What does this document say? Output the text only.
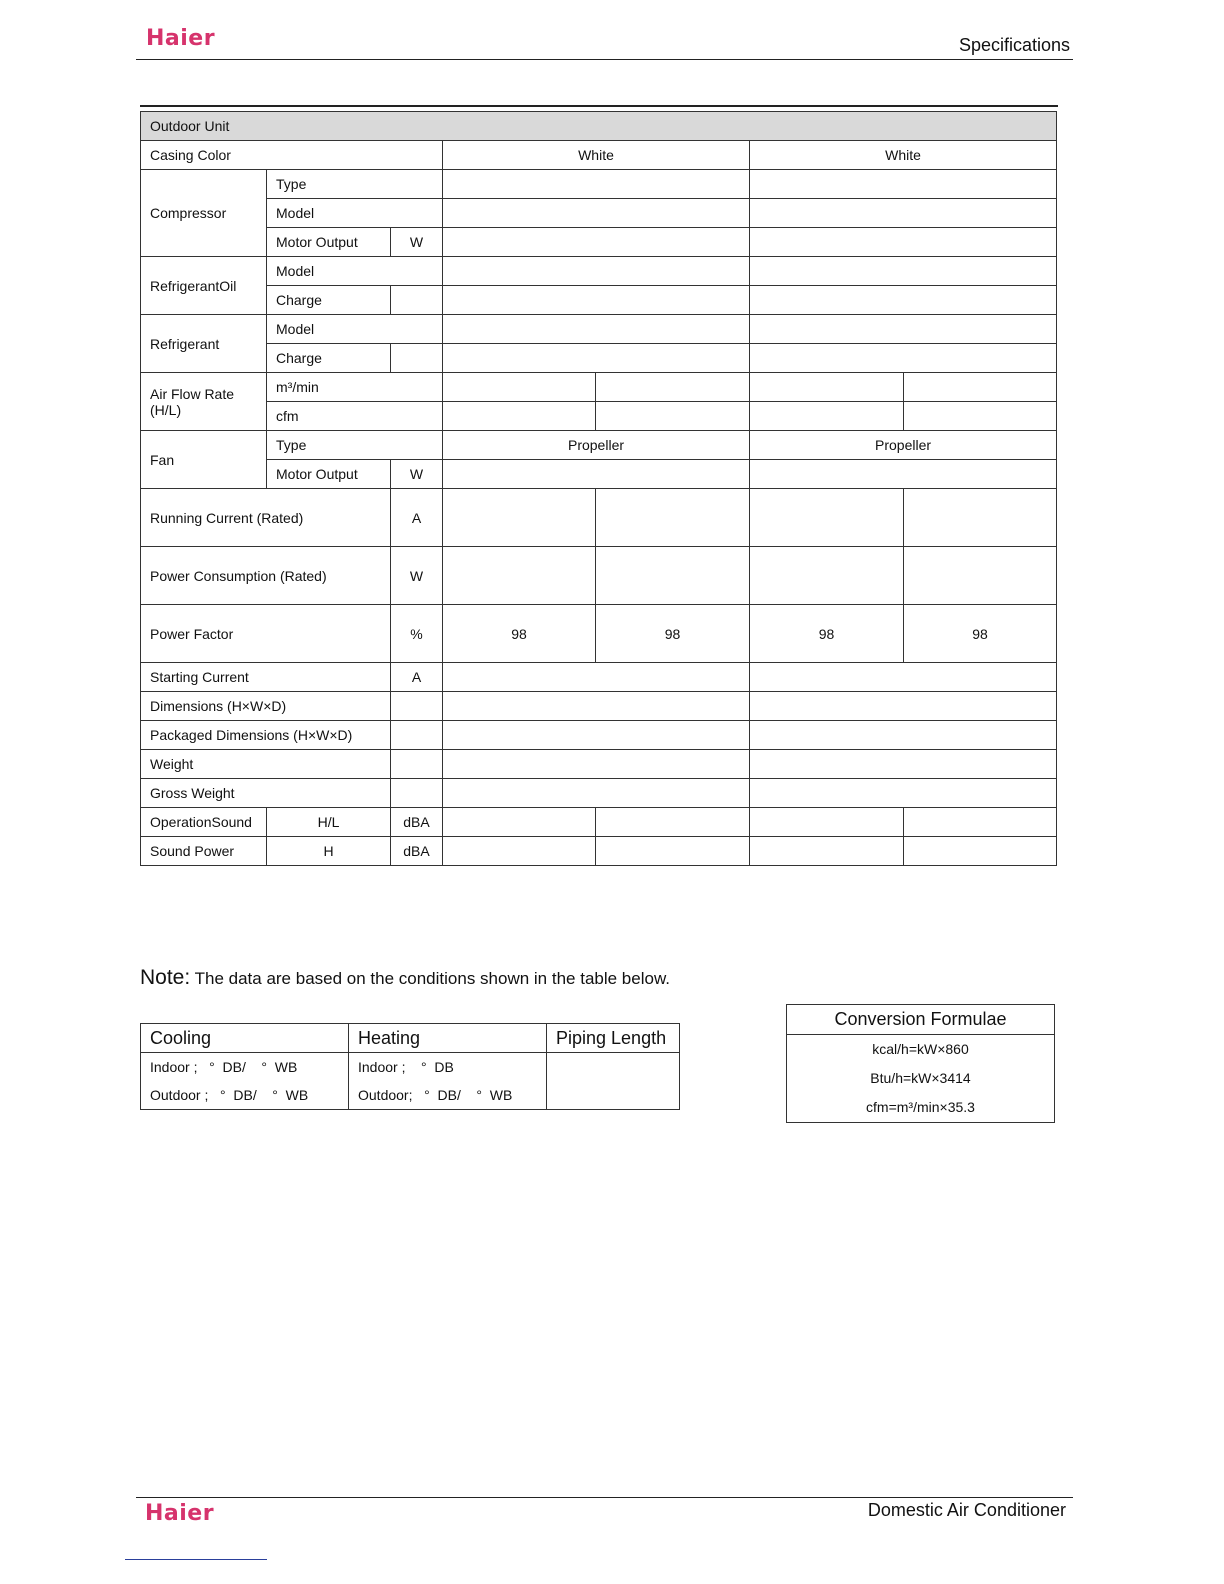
Haier	Specifications
Outdoor Unit						
Casing Color			White		White	
Compressor	Type					
	Model					
	Motor Output	W				
RefrigerantOil	Model					
	Charge					
Refrigerant	Model					
	Charge					
Air Flow Rate
(H/L)	m³/min					
	cfm					
Fan	Type		Propeller		Propeller	
	Motor Output	W				
Running Current (Rated)		A				
Power Consumption (Rated)		W				
Power Factor		%	98	98	98	98
Starting Current		A				
Dimensions (H×W×D)						
Packaged Dimensions (H×W×D)						
Weight						
Gross Weight						
OperationSound	H/L	dBA				
Sound Power	H	dBA				
Note: The data are based on the conditions shown in the table below.
Cooling	Heating	Piping Length
Indoor ;   °  DB/    °  WB	Indoor ;    °  DB	
Outdoor ;   °  DB/    °  WB	Outdoor;   °  DB/    °  WB	
Conversion Formulae
kcal/h=kW×860
Btu/h=kW×3414
cfm=m³/min×35.3
Haier	Domestic Air Conditioner
